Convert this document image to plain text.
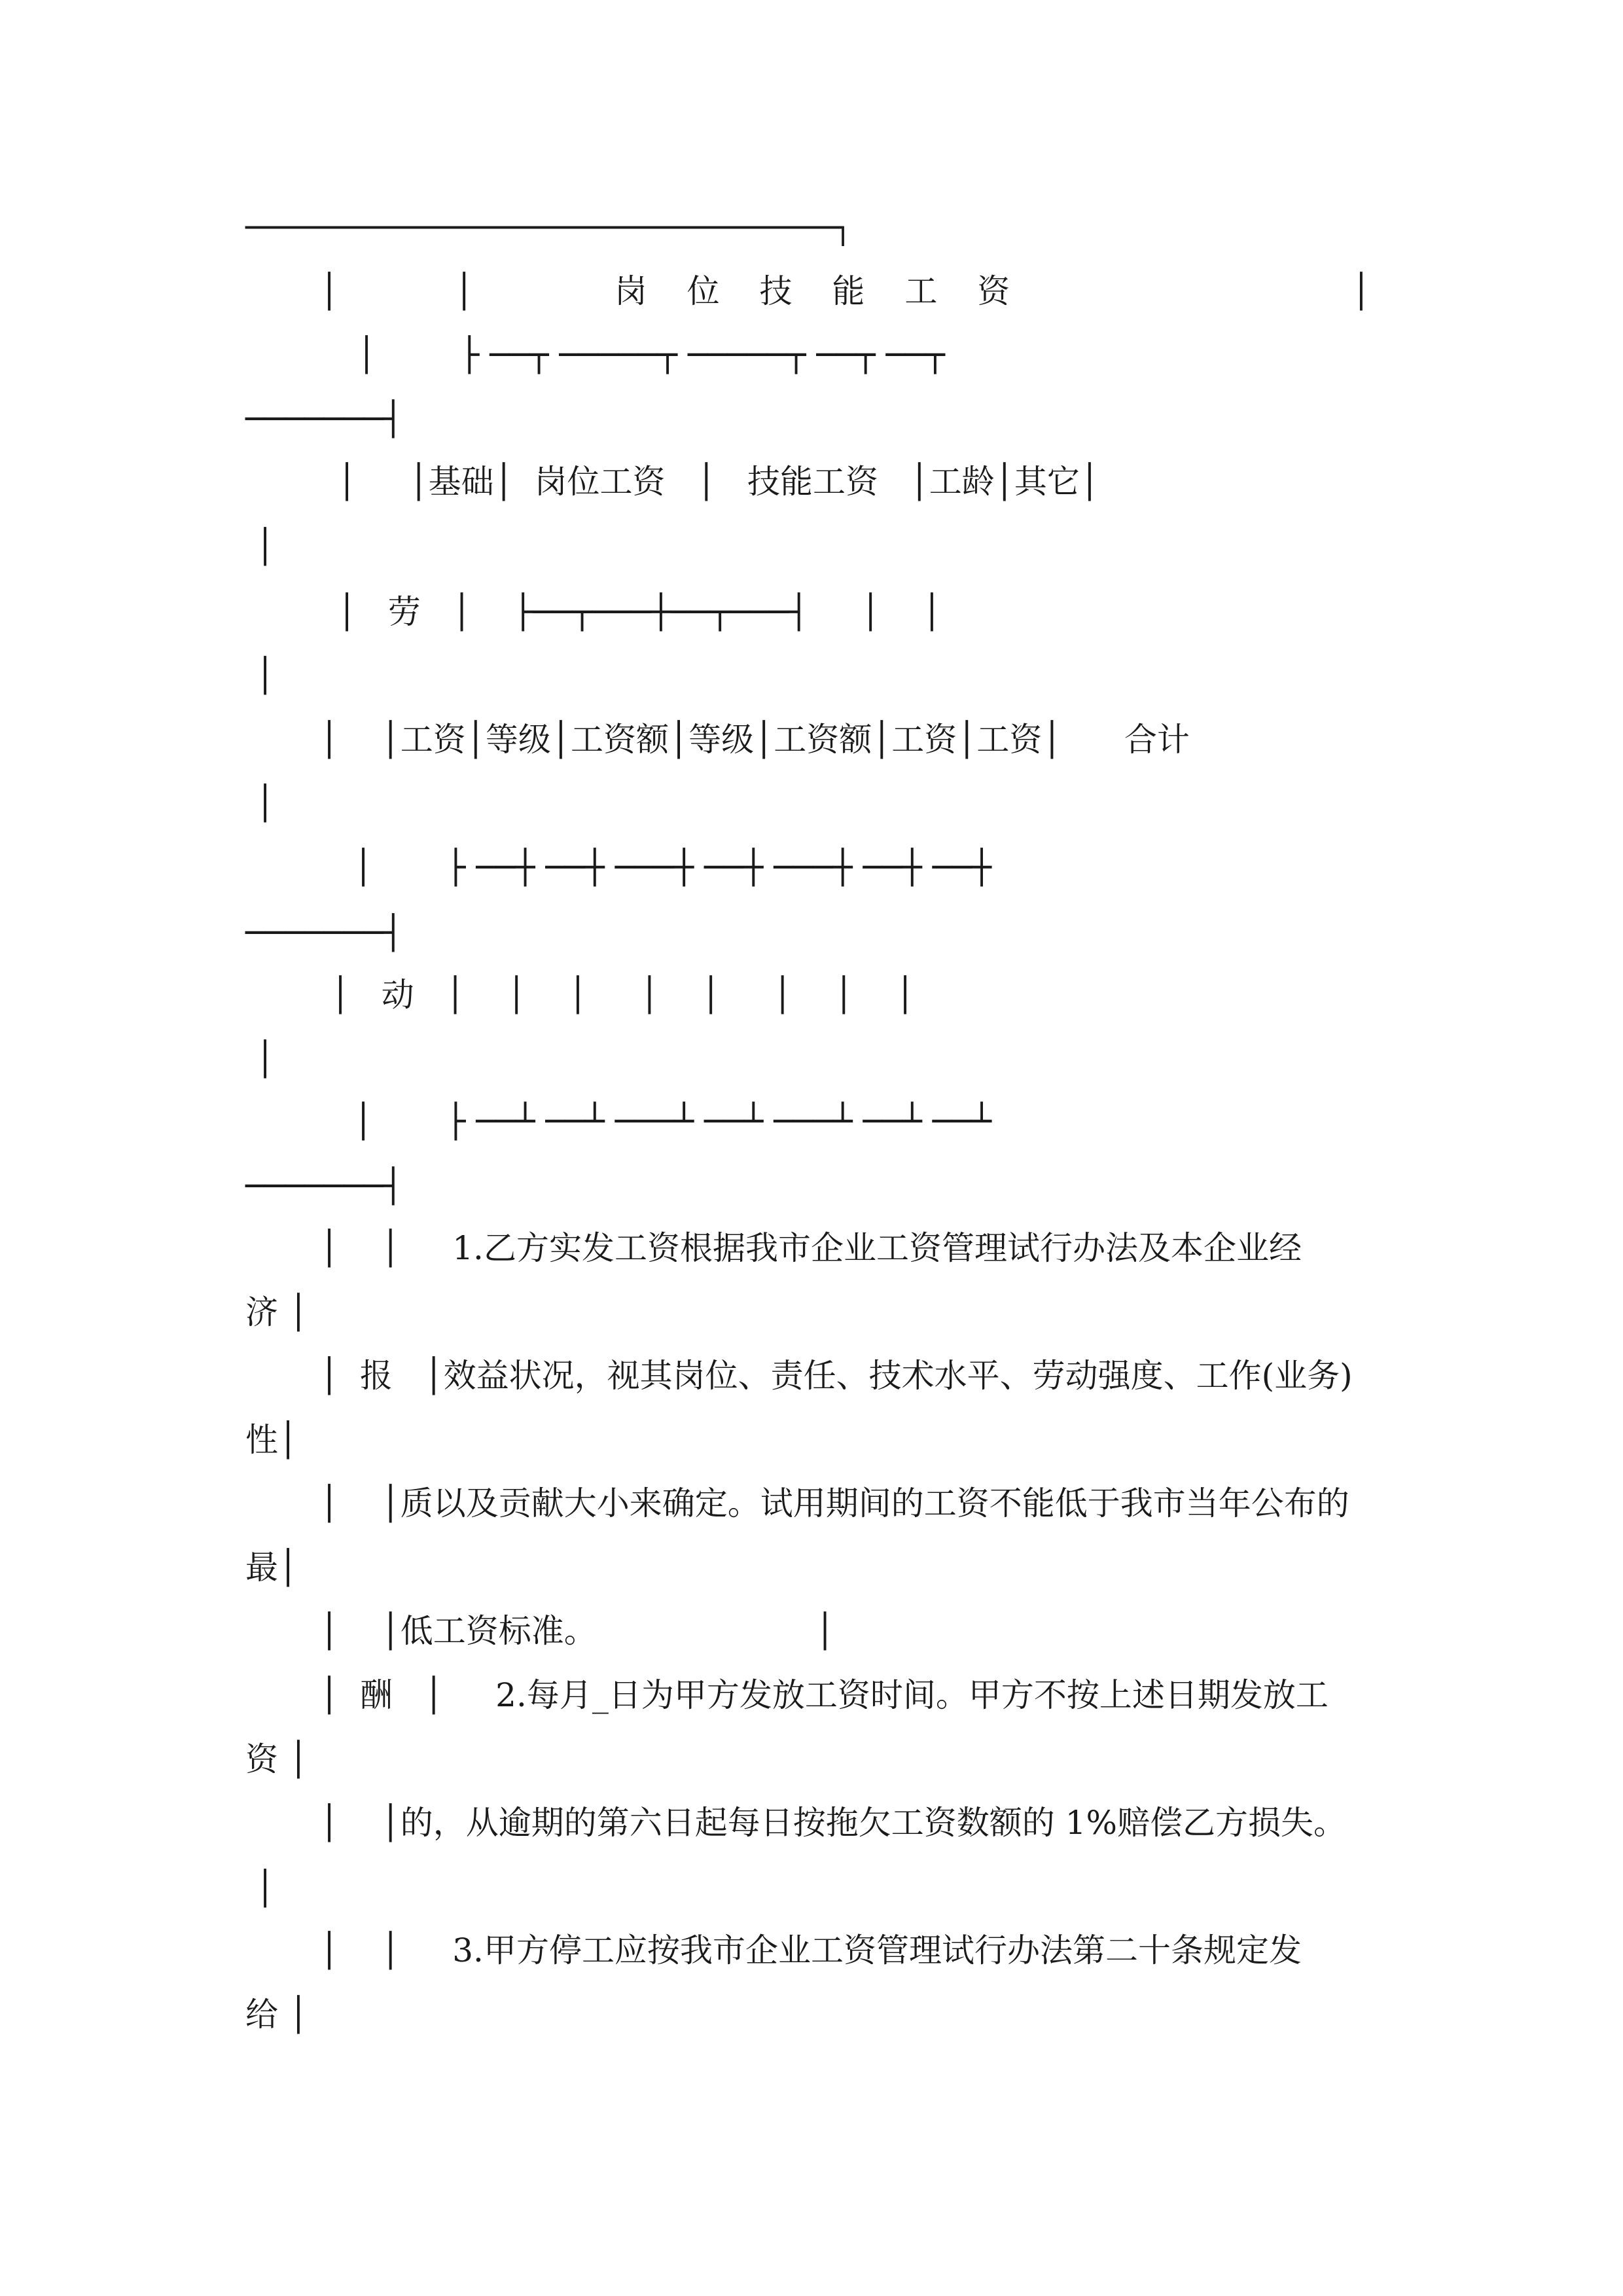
───────────────────────────────────────────┐
│    │     岗 位 技 能 工 资             │
│        ├ ──┬ ─────┬ ─────┬ ──┬ ──┬
───────┤
│     │基础│  岗位工资   │   技能工资   │工龄│其它│
│
│   劳   │    ├──┬───┼──┬───┤     │    │
│
│    │工资│等级│工资额│等级│工资额│工资│工资│      合计
│
│       ├ ──┼ ──┼ ───┼ ──┼ ───┼ ──┼ ──┼
───────┤
│   动   │    │    │     │    │     │    │    │
│
│       ├ ──┴ ──┴ ───┴ ──┴ ───┴ ──┴ ──┴
───────┤
│    │     1.乙方实发工资根据我市企业工资管理试行办法及本企业经
济 │
│  报   │效益状况，视其岗位、责任、技术水平、劳动强度、工作(业务)
性│
│    │质以及贡献大小来确定。试用期间的工资不能低于我市当年公布的
最│
│    │低工资标准。                     │
│  酬   │     2.每月_日为甲方发放工资时间。甲方不按上述日期发放工
资 │
│    │的，从逾期的第六日起每日按拖欠工资数额的 1%赔偿乙方损失。
│
│    │     3.甲方停工应按我市企业工资管理试行办法第二十条规定发
给 │
